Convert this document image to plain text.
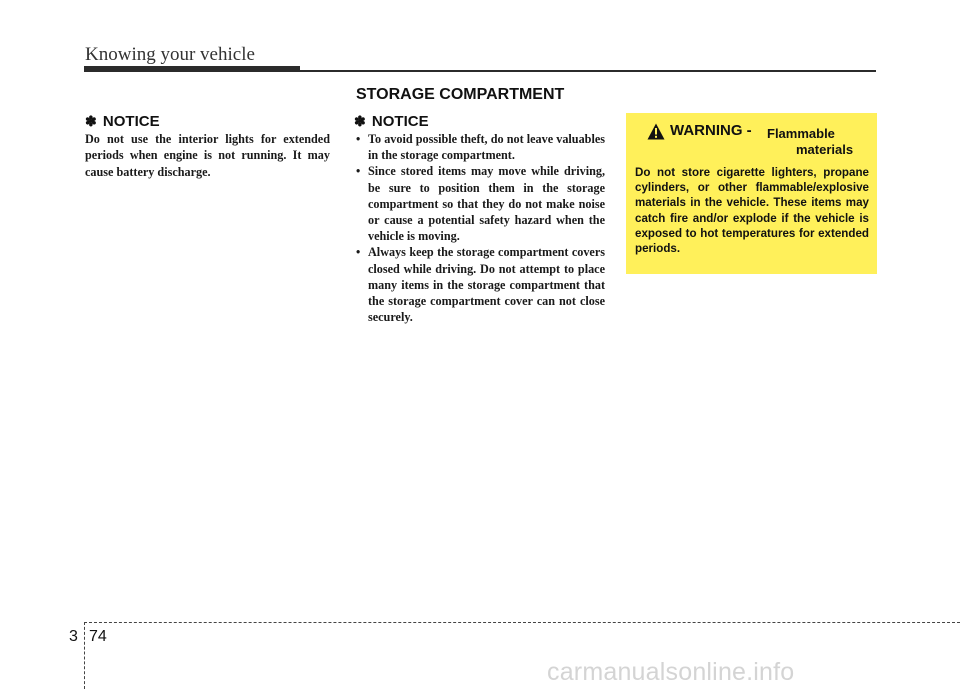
Knowing your vehicle
STORAGE COMPARTMENT
✽ NOTICE

Do not use the interior lights for extended periods when engine is not running. It may cause battery discharge.

✽ NOTICE
• To avoid possible theft, do not leave valuables in the storage compartment.
• Since stored items may move while driving, be sure to position them in the storage compartment so that they do not make noise or cause a potential safety hazard when the vehicle is moving.
• Always keep the storage compartment covers closed while driving. Do not attempt to place many items in the storage compartment that the storage compartment cover can not close securely.
WARNING - Flammable
materials

Do not store cigarette lighters, propane cylinders, or other flammable/explosive materials in the vehicle. These items may catch fire and/or explode if the vehicle is exposed to hot temperatures for extended periods.

3 74
carmanualsonline.info
